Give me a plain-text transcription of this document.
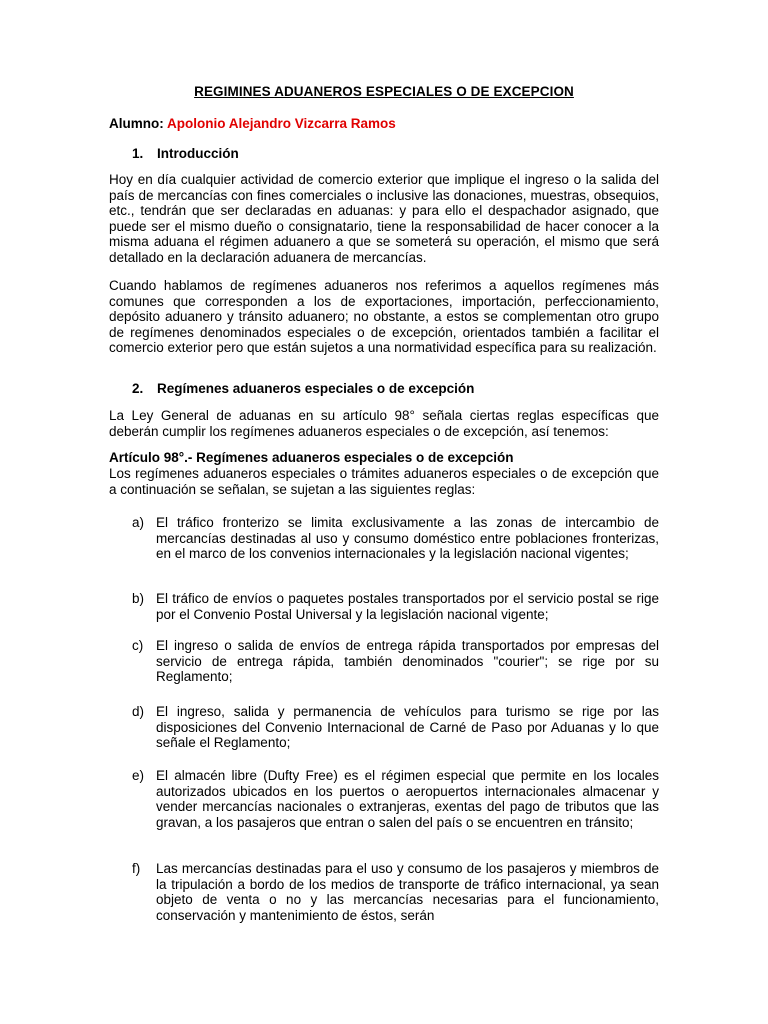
REGIMINES ADUANEROS ESPECIALES O DE EXCEPCION
Alumno: Apolonio Alejandro Vizcarra Ramos
1. Introducción
Hoy en día cualquier actividad de comercio exterior que implique el ingreso o la salida del país de mercancías con fines comerciales o inclusive las donaciones, muestras, obsequios, etc., tendrán que ser declaradas en aduanas: y para ello el despachador asignado, que puede ser el mismo dueño o consignatario, tiene la responsabilidad de hacer conocer a la misma aduana el régimen aduanero a que se someterá su operación, el mismo que será detallado en la declaración aduanera de mercancías.
Cuando hablamos de regímenes aduaneros nos referimos a aquellos regímenes más comunes que corresponden a los de exportaciones, importación, perfeccionamiento, depósito aduanero y tránsito aduanero; no obstante, a estos se complementan otro grupo de regímenes denominados especiales o de excepción, orientados también a facilitar el comercio exterior pero que están sujetos a una normatividad específica para su realización.
2. Regímenes aduaneros especiales o de excepción
La Ley General de aduanas en su artículo 98° señala ciertas reglas específicas que deberán cumplir los regímenes aduaneros especiales o de excepción, así tenemos:
Artículo 98°.- Regímenes aduaneros especiales o de excepción
Los regímenes aduaneros especiales o trámites aduaneros especiales o de excepción que a continuación se señalan, se sujetan a las siguientes reglas:
a) El tráfico fronterizo se limita exclusivamente a las zonas de intercambio de mercancías destinadas al uso y consumo doméstico entre poblaciones fronterizas, en el marco de los convenios internacionales y la legislación nacional vigentes;
b) El tráfico de envíos o paquetes postales transportados por el servicio postal se rige por el Convenio Postal Universal y la legislación nacional vigente;
c) El ingreso o salida de envíos de entrega rápida transportados por empresas del servicio de entrega rápida, también denominados "courier"; se rige por su Reglamento;
d) El ingreso, salida y permanencia de vehículos para turismo se rige por las disposiciones del Convenio Internacional de Carné de Paso por Aduanas y lo que señale el Reglamento;
e) El almacén libre (Dufty Free) es el régimen especial que permite en los locales autorizados ubicados en los puertos o aeropuertos internacionales almacenar y vender mercancías nacionales o extranjeras, exentas del pago de tributos que las gravan, a los pasajeros que entran o salen del país o se encuentren en tránsito;
f) Las mercancías destinadas para el uso y consumo de los pasajeros y miembros de la tripulación a bordo de los medios de transporte de tráfico internacional, ya sean objeto de venta o no y las mercancías necesarias para el funcionamiento, conservación y mantenimiento de éstos, serán
